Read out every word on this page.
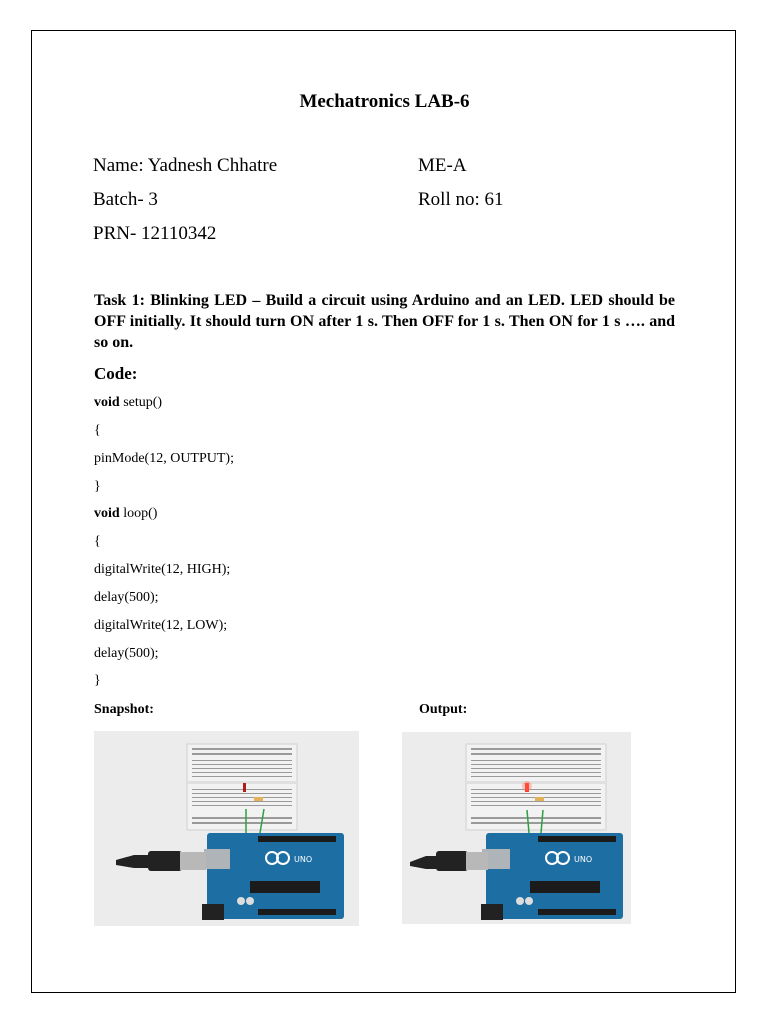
Mechatronics LAB-6
Name: Yadnesh Chhatre	ME-A
Batch- 3	Roll no: 61
PRN- 12110342
Task 1: Blinking LED – Build a circuit using Arduino and an LED. LED should be OFF initially. It should turn ON after 1 s. Then OFF for 1 s. Then ON for 1 s …. and so on.
Code:
void setup()
{
pinMode(12, OUTPUT);
}
void loop()
{
digitalWrite(12, HIGH);
delay(500);
digitalWrite(12, LOW);
delay(500);
}
Snapshot:	Output:
UNO	UNO
